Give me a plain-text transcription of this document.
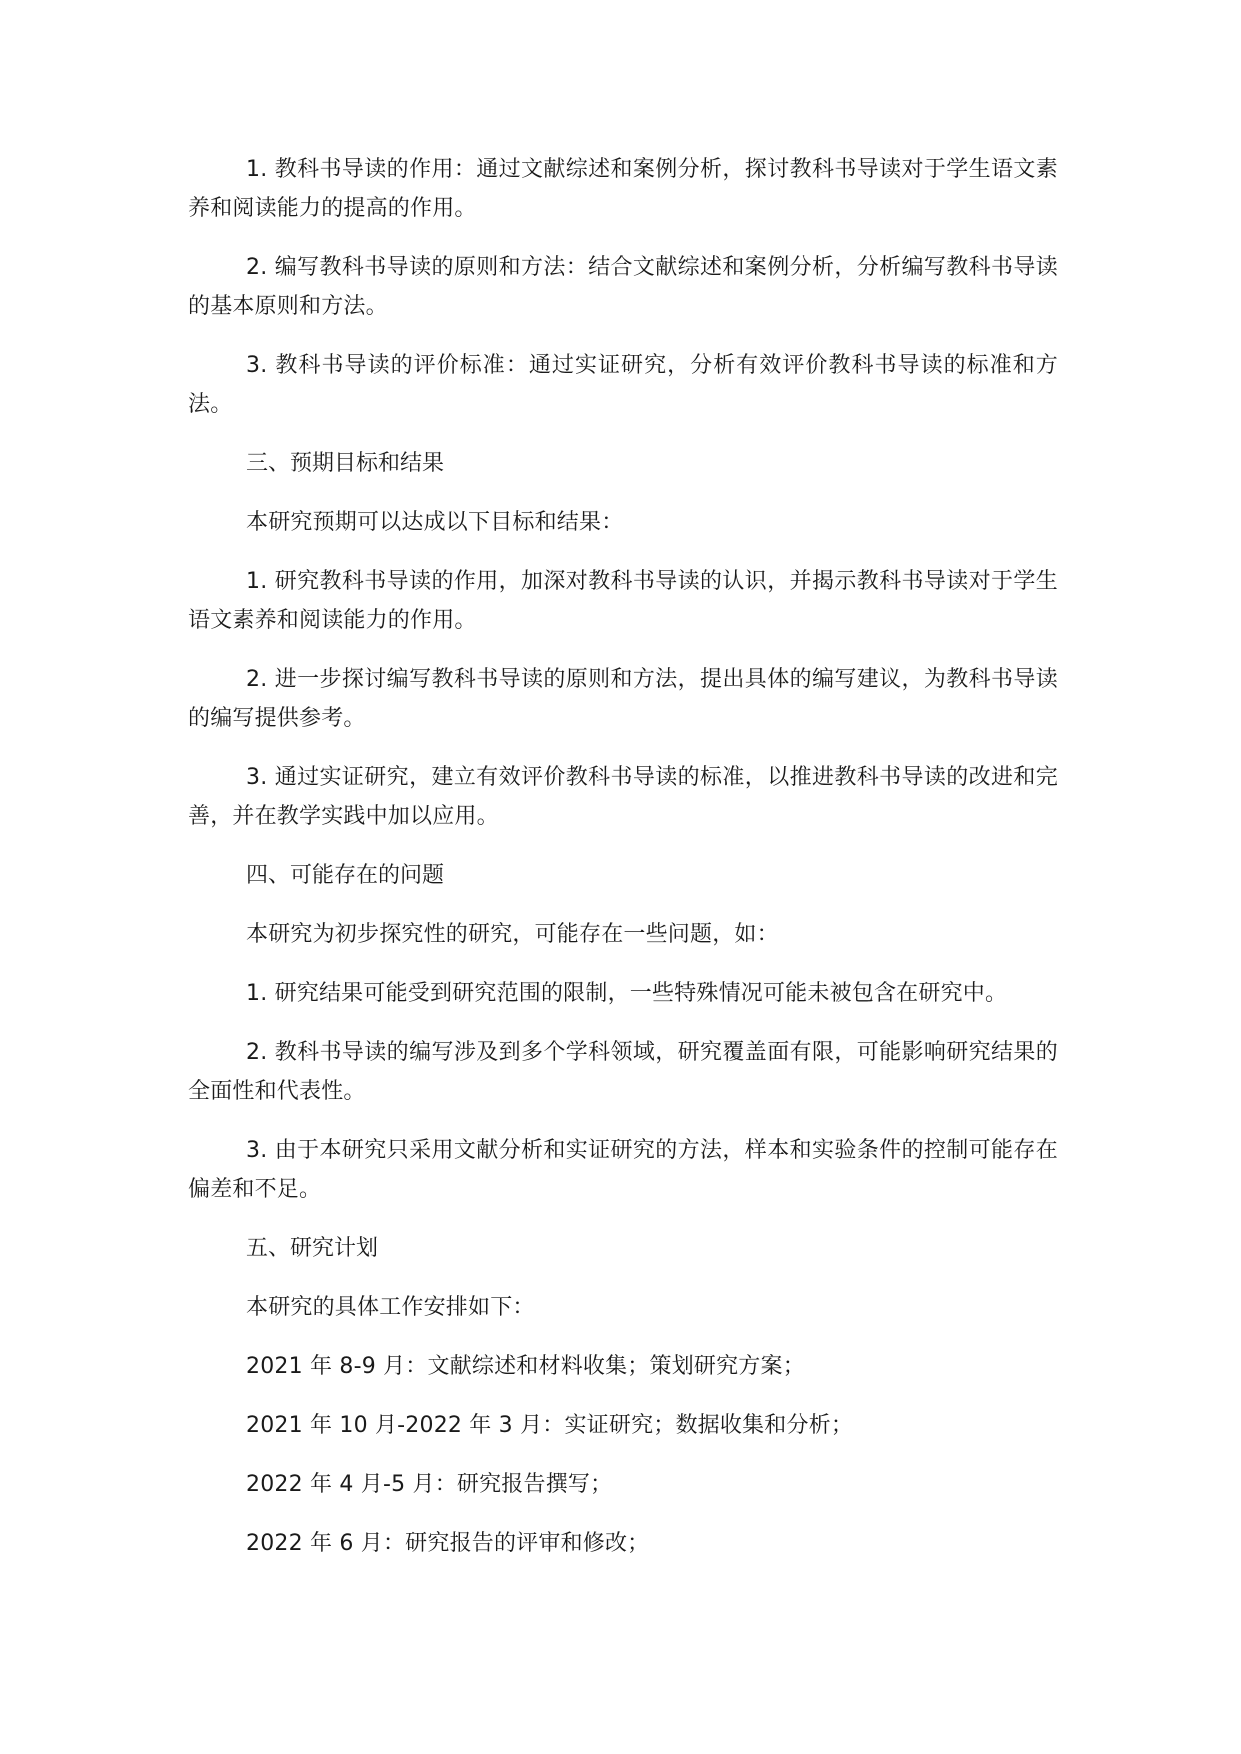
1. 教科书导读的作用：通过文献综述和案例分析，探讨教科书导读对于学生语文素养和阅读能力的提高的作用。

2. 编写教科书导读的原则和方法：结合文献综述和案例分析，分析编写教科书导读的基本原则和方法。

3. 教科书导读的评价标准：通过实证研究，分析有效评价教科书导读的标准和方法。

三、预期目标和结果

本研究预期可以达成以下目标和结果：

1. 研究教科书导读的作用，加深对教科书导读的认识，并揭示教科书导读对于学生语文素养和阅读能力的作用。

2. 进一步探讨编写教科书导读的原则和方法，提出具体的编写建议，为教科书导读的编写提供参考。

3. 通过实证研究，建立有效评价教科书导读的标准，以推进教科书导读的改进和完善，并在教学实践中加以应用。

四、可能存在的问题

本研究为初步探究性的研究，可能存在一些问题，如：

1. 研究结果可能受到研究范围的限制，一些特殊情况可能未被包含在研究中。

2. 教科书导读的编写涉及到多个学科领域，研究覆盖面有限，可能影响研究结果的全面性和代表性。

3. 由于本研究只采用文献分析和实证研究的方法，样本和实验条件的控制可能存在偏差和不足。

五、研究计划

本研究的具体工作安排如下：

2021 年 8-9 月：文献综述和材料收集；策划研究方案；

2021 年 10 月-2022 年 3 月：实证研究；数据收集和分析；

2022 年 4 月-5 月：研究报告撰写；

2022 年 6 月：研究报告的评审和修改；
